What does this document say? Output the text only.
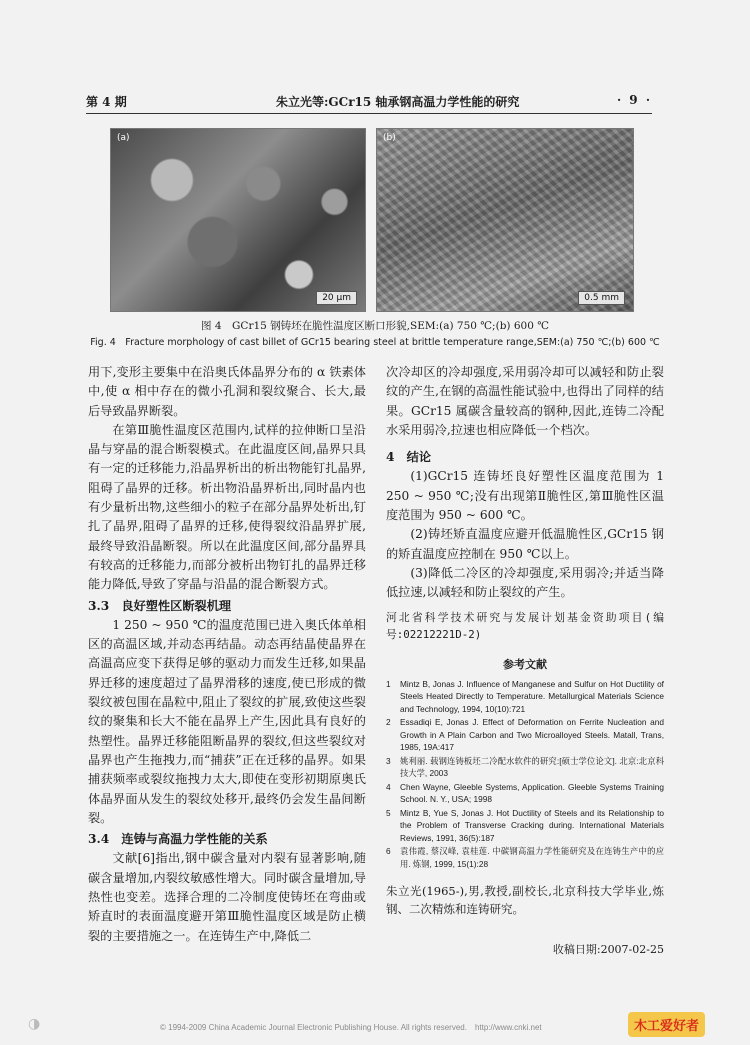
第 4 期	朱立光等:GCr15 轴承钢高温力学性能的研究	· 9 ·
(a)
20 μm
(b)
0.5 mm
图 4　GCr15 钢铸坯在脆性温度区断口形貌,SEM:(a) 750 ℃;(b) 600 ℃
Fig. 4　Fracture morphology of cast billet of GCr15 bearing steel at brittle temperature range,SEM:(a) 750 ℃;(b) 600 ℃

用下,变形主要集中在沿奥氏体晶界分布的 α 铁素体中,使 α 相中存在的微小孔洞和裂纹聚合、长大,最后导致晶界断裂。

在第Ⅲ脆性温度区范围内,试样的拉伸断口呈沿晶与穿晶的混合断裂模式。在此温度区间,晶界只具有一定的迁移能力,沿晶界析出的析出物能钉扎晶界,阻碍了晶界的迁移。析出物沿晶界析出,同时晶内也有少量析出物,这些细小的粒子在部分晶界处析出,钉扎了晶界,阻碍了晶界的迁移,使得裂纹沿晶界扩展,最终导致沿晶断裂。所以在此温度区间,部分晶界具有较高的迁移能力,而部分被析出物钉扎的晶界迁移能力降低,导致了穿晶与沿晶的混合断裂方式。

3.3　良好塑性区断裂机理

1 250 ~ 950 ℃的温度范围已进入奥氏体单相区的高温区域,并动态再结晶。动态再结晶使晶界在高温高应变下获得足够的驱动力而发生迁移,如果晶界迁移的速度超过了晶界滑移的速度,使已形成的微裂纹被包围在晶粒中,阻止了裂纹的扩展,致使这些裂纹的聚集和长大不能在晶界上产生,因此具有良好的热塑性。晶界迁移能阻断晶界的裂纹,但这些裂纹对晶界也产生拖拽力,而“捕获”正在迁移的晶界。如果捕获频率或裂纹拖拽力太大,即使在变形初期原奥氏体晶界面从发生的裂纹处移开,最终仍会发生晶间断裂。

3.4　连铸与高温力学性能的关系

文献[6]指出,钢中碳含量对内裂有显著影响,随碳含量增加,内裂纹敏感性增大。同时碳含量增加,导热性也变差。选择合理的二冷制度使铸坯在弯曲或矫直时的表面温度避开第Ⅲ脆性温度区域是防止横裂的主要措施之一。在连铸生产中,降低二

次冷却区的冷却强度,采用弱冷却可以减轻和防止裂纹的产生,在钢的高温性能试验中,也得出了同样的结果。GCr15 属碳含量较高的钢种,因此,连铸二冷配水采用弱冷,拉速也相应降低一个档次。

4　结论

(1)GCr15 连铸坯良好塑性区温度范围为 1 250 ~ 950 ℃;没有出现第Ⅱ脆性区,第Ⅲ脆性区温度范围为 950 ~ 600 ℃。

(2)铸坯矫直温度应避开低温脆性区,GCr15 钢的矫直温度应控制在 950 ℃以上。

(3)降低二冷区的冷却强度,采用弱冷;并适当降低拉速,以减轻和防止裂纹的产生。

河北省科学技术研究与发展计划基金资助项目(编号:02212221D-2)

参考文献
1	Mintz B, Jonas J. Influence of Manganese and Sulfur on Hot Ductility of Steels Heated Directly to Temperature. Metallurgical Materials Science and Technology, 1994, 10(10):721
2	Essadiqi E, Jonas J. Effect of Deformation on Ferrite Nucleation and Growth in A Plain Carbon and Two Microalloyed Steels. Matall, Trans, 1985, 19A:417
3	姚利丽. 载钢连铸板坯二冷配水软件的研究:[硕士学位论文]. 北京:北京科技大学, 2003
4	Chen Wayne, Gleeble Systems, Application. Gleeble Systems Training School. N. Y., USA; 1998
5	Mintz B, Yue S, Jonas J. Hot Ductility of Steels and its Relationship to the Problem of Transverse Cracking during. International Materials Reviews, 1991, 36(5):187
6	袁伟霞, 蔡汉峰, 袁桂莲. 中碳钢高温力学性能研究及在连铸生产中的应用. 炼钢, 1999, 15(1):28

朱立光(1965-),男,教授,副校长,北京科技大学毕业,炼钢、二次精炼和连铸研究。

收稿日期:2007-02-25

◑	© 1994-2009 China Academic Journal Electronic Publishing House. All rights reserved.　http://www.cnki.net	木工爱好者
